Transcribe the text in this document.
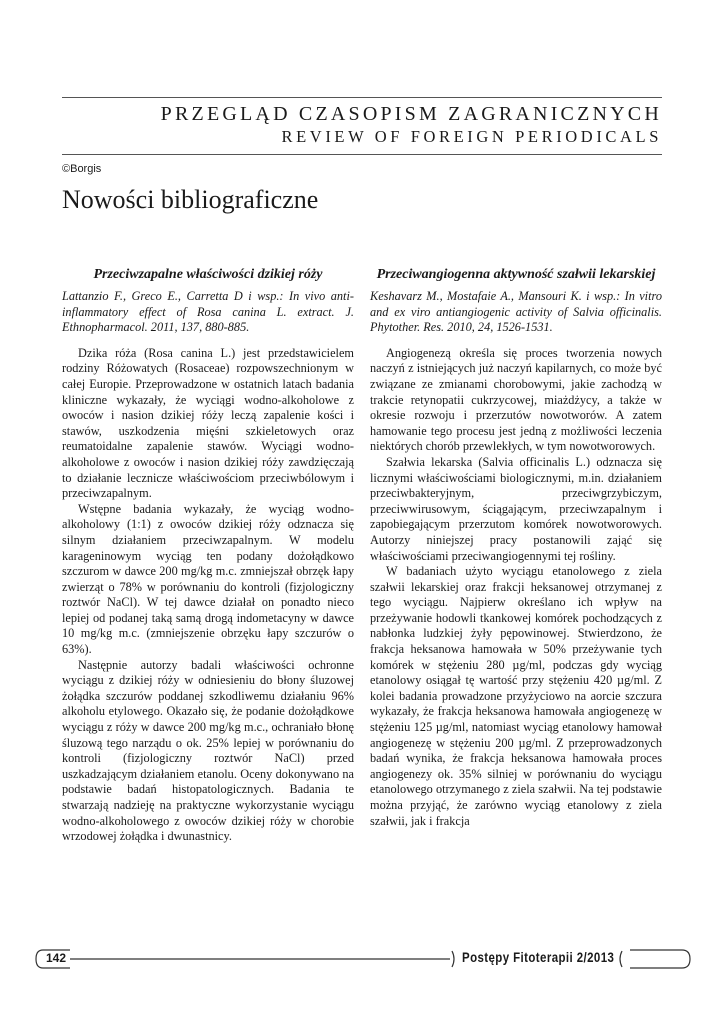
PRZEGLĄD CZASOPISM ZAGRANICZNYCH
REVIEW OF FOREIGN PERIODICALS
©Borgis
Nowości bibliograficzne
Przeciwzapalne właściwości dzikiej róży
Lattanzio F., Greco E., Carretta D i wsp.: In vivo anti-inflammatory effect of Rosa canina L. extract. J. Ethnopharmacol. 2011, 137, 880-885.

Dzika róża (Rosa canina L.) jest przedstawicielem rodziny Różowatych (Rosaceae) rozpowszechnionym w całej Europie. Przeprowadzone w ostatnich latach badania kliniczne wykazały, że wyciągi wodno-alkoholowe z owoców i nasion dzikiej róży leczą zapalenie kości i stawów, uszkodzenia mięśni szkieletowych oraz reumatoidalne zapalenie stawów. Wyciągi wodno-alkoholowe z owoców i nasion dzikiej róży zawdzięczają to działanie lecznicze właściwościom przeciwbólowym i przeciwzapalnym.

Wstępne badania wykazały, że wyciąg wodno-alkoholowy (1:1) z owoców dzikiej róży odznacza się silnym działaniem przeciwzapalnym. W modelu karageninowym wyciąg ten podany dożołądkowo szczurom w dawce 200 mg/kg m.c. zmniejszał obrzęk łapy zwierząt o 78% w porównaniu do kontroli (fizjologiczny roztwór NaCl). W tej dawce działał on ponadto nieco lepiej od podanej taką samą drogą indometacyny w dawce 10 mg/kg m.c. (zmniejszenie obrzęku łapy szczurów o 63%).

Następnie autorzy badali właściwości ochronne wyciągu z dzikiej róży w odniesieniu do błony śluzowej żołądka szczurów poddanej szkodliwemu działaniu 96% alkoholu etylowego. Okazało się, że podanie dożołądkowe wyciągu z róży w dawce 200 mg/kg m.c., ochraniało błonę śluzową tego narządu o ok. 25% lepiej w porównaniu do kontroli (fizjologiczny roztwór NaCl) przed uszkadzającym działaniem etanolu. Oceny dokonywano na podstawie badań histopatologicznych. Badania te stwarzają nadzieję na praktyczne wykorzystanie wyciągu wodno-alkoholowego z owoców dzikiej róży w chorobie wrzodowej żołądka i dwunastnicy.

Przeciwangiogenna aktywność szałwii lekarskiej
Keshavarz M., Mostafaie A., Mansouri K. i wsp.: In vitro and ex viro antiangiogenic activity of Salvia officinalis. Phytother. Res. 2010, 24, 1526-1531.

Angiogenezą określa się proces tworzenia nowych naczyń z istniejących już naczyń kapilarnych, co może być związane ze zmianami chorobowymi, jakie zachodzą w trakcie retynopatii cukrzycowej, miażdżycy, a także w okresie rozwoju i przerzutów nowotworów. A zatem hamowanie tego procesu jest jedną z możliwości leczenia niektórych chorób przewlekłych, w tym nowotworowych.

Szałwia lekarska (Salvia officinalis L.) odznacza się licznymi właściwościami biologicznymi, m.in. działaniem przeciwbakteryjnym, przeciwgrzybiczym, przeciwwirusowym, ściągającym, przeciwzapalnym i zapobiegającym przerzutom komórek nowotworowych. Autorzy niniejszej pracy postanowili zająć się właściwościami przeciwangiogennymi tej rośliny.

W badaniach użyto wyciągu etanolowego z ziela szałwii lekarskiej oraz frakcji heksanowej otrzymanej z tego wyciągu. Najpierw określano ich wpływ na przeżywanie hodowli tkankowej komórek pochodzących z nabłonka ludzkiej żyły pępowinowej. Stwierdzono, że frakcja heksanowa hamowała w 50% przeżywanie tych komórek w stężeniu 280 µg/ml, podczas gdy wyciąg etanolowy osiągał tę wartość przy stężeniu 420 µg/ml. Z kolei badania prowadzone przyżyciowo na aorcie szczura wykazały, że frakcja heksanowa hamowała angiogenezę w stężeniu 125 µg/ml, natomiast wyciąg etanolowy hamował angiogenezę w stężeniu 200 µg/ml. Z przeprowadzonych badań wynika, że frakcja heksanowa hamowała proces angiogenezy ok. 35% silniej w porównaniu do wyciągu etanolowego otrzymanego z ziela szałwii. Na tej podstawie można przyjąć, że zarówno wyciąg etanolowy z ziela szałwii, jak i frakcja

142	Postępy Fitoterapii 2/2013
